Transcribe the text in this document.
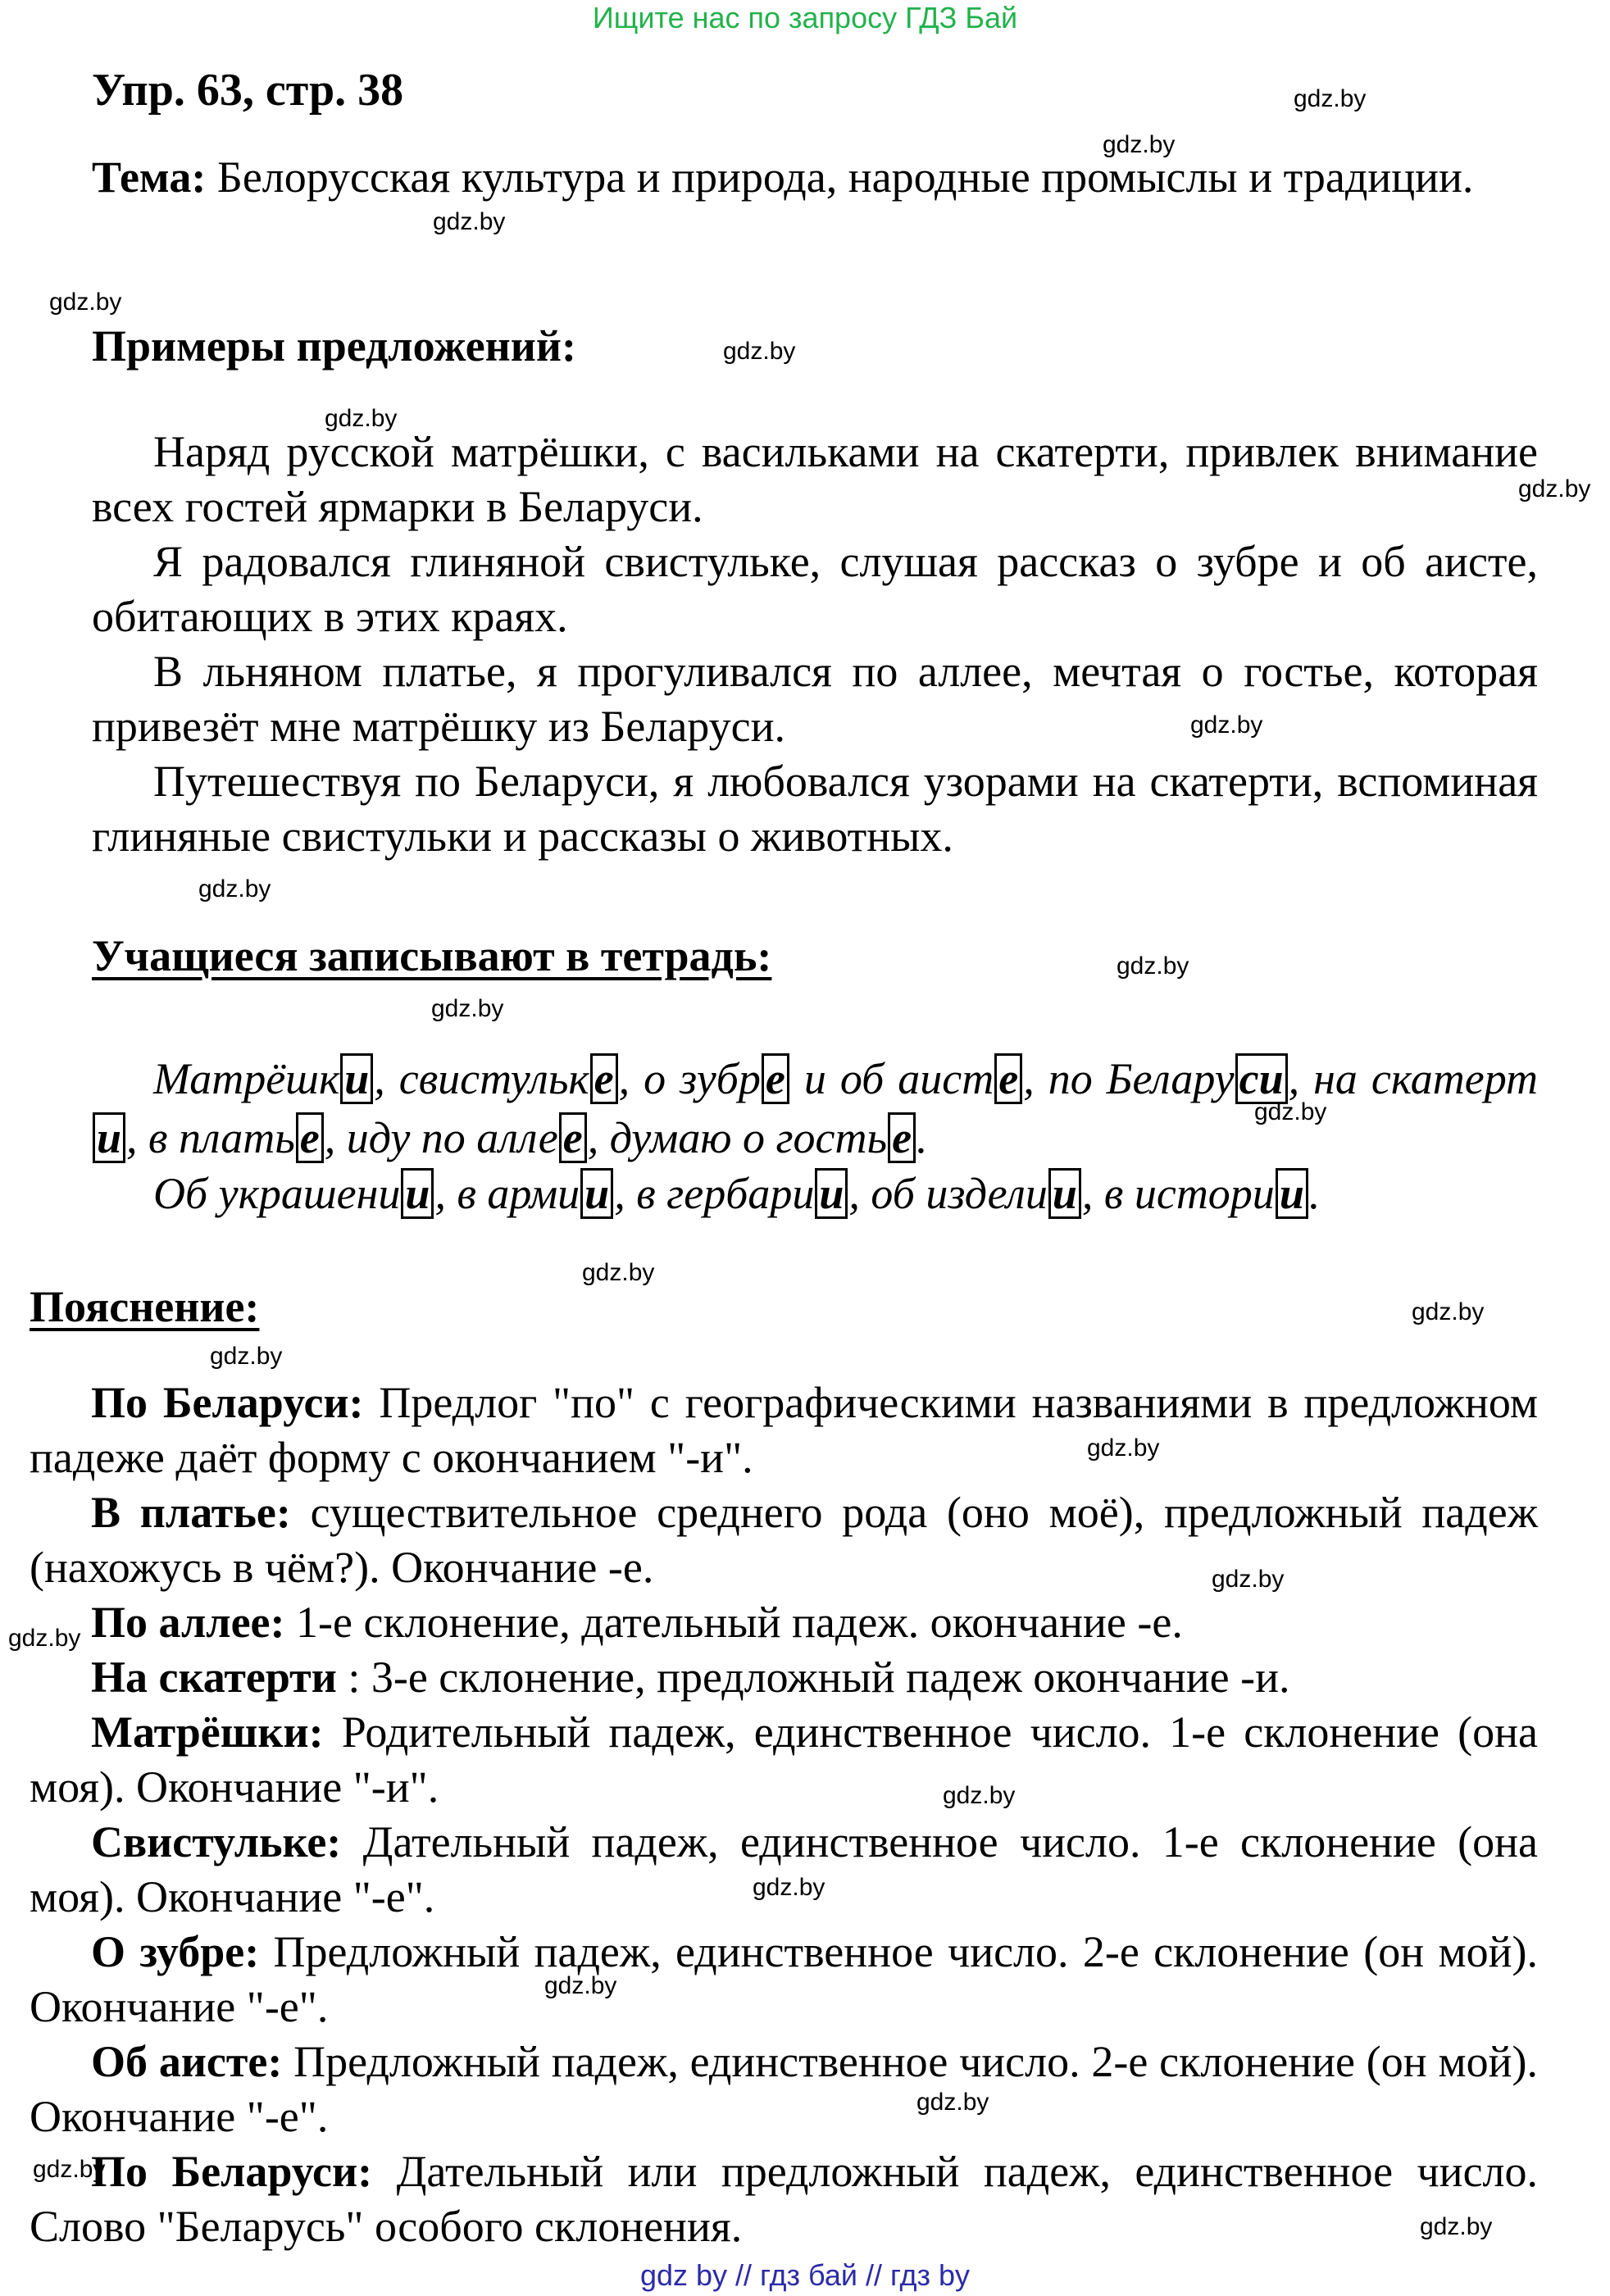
Ищите нас по запросу ГДЗ Бай
Упр. 63, стр. 38
Тема: Белорусская культура и природа, народные промыслы и традиции.
Примеры предложений:
Наряд русской матрёшки, с васильками на скатерти, привлек внимание всех гостей ярмарки в Беларуси.
Я радовался глиняной свистульке, слушая рассказ о зубре и об аисте, обитающих в этих краях.
В льняном платье, я прогуливался по аллее, мечтая о гостье, которая привезёт мне матрёшку из Беларуси.
Путешествуя по Беларуси, я любовался узорами на скатерти, вспоминая глиняные свистульки и рассказы о животных.
Учащиеся записывают в тетрадь:
Матрёшк и , свистульк е , о зубр е и об аист е , по Белару си , на скатерти , в плать е , иду по алле е , думаю о гость е .
Об украшени и , в арми и , в гербари и , об издели и , в истори и .
Пояснение:
По Беларуси: Предлог "по" с географическими названиями в предложном падеже даёт форму с окончанием "-и".
В платье: существительное среднего рода (оно моё), предложный падеж (нахожусь в чём?). Окончание -е.
По аллее: 1-е склонение, дательный падеж. окончание -е.
На скатерти : 3-е склонение, предложный падеж окончание -и.
Матрёшки: Родительный падеж, единственное число. 1-е склонение (она моя). Окончание "-и".
Свистульке: Дательный падеж, единственное число. 1-е склонение (она моя). Окончание "-е".
О зубре: Предложный падеж, единственное число. 2-е склонение (он мой). Окончание "-е".
Об аисте: Предложный падеж, единственное число. 2-е склонение (он мой). Окончание "-е".
По Беларуси: Дательный или предложный падеж, единственное число. Слово "Беларусь" особого склонения.
gdz.by
gdz.by
gdz.by
gdz.by
gdz.by
gdz.by
gdz.by
gdz.by
gdz.by
gdz.by
gdz.by
gdz.by
gdz.by
gdz.by
gdz.by
gdz.by
gdz.by
gdz.by
gdz.by
gdz.by
gdz.by
gdz.by
gdz.by
gdz.by
gdz by // гдз бай // гдз by
